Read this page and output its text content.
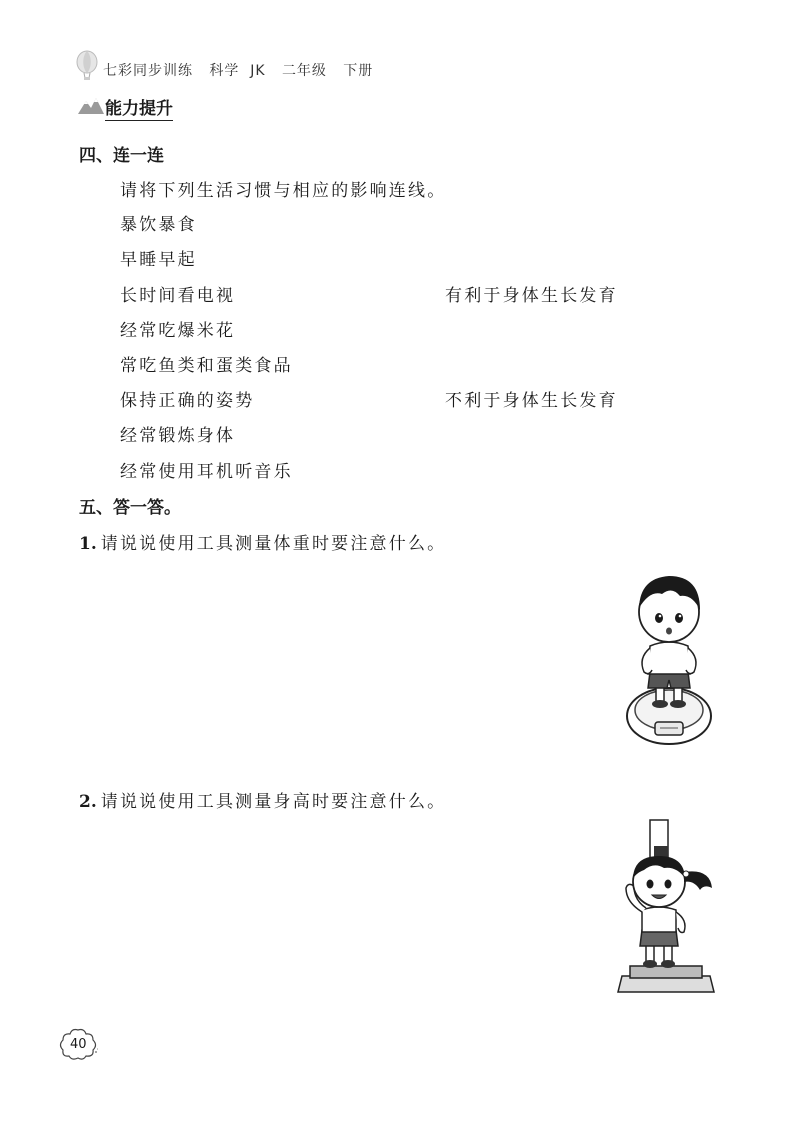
七彩同步训练 科学 JK 二年级 下册
能力提升
四、连一连
请将下列生活习惯与相应的影响连线。
暴饮暴食
早睡早起
长时间看电视
经常吃爆米花
常吃鱼类和蛋类食品
保持正确的姿势
经常锻炼身体
经常使用耳机听音乐
有利于身体生长发育
不利于身体生长发育
五、答一答。
1. 请说说使用工具测量体重时要注意什么。
2. 请说说使用工具测量身高时要注意什么。
40
